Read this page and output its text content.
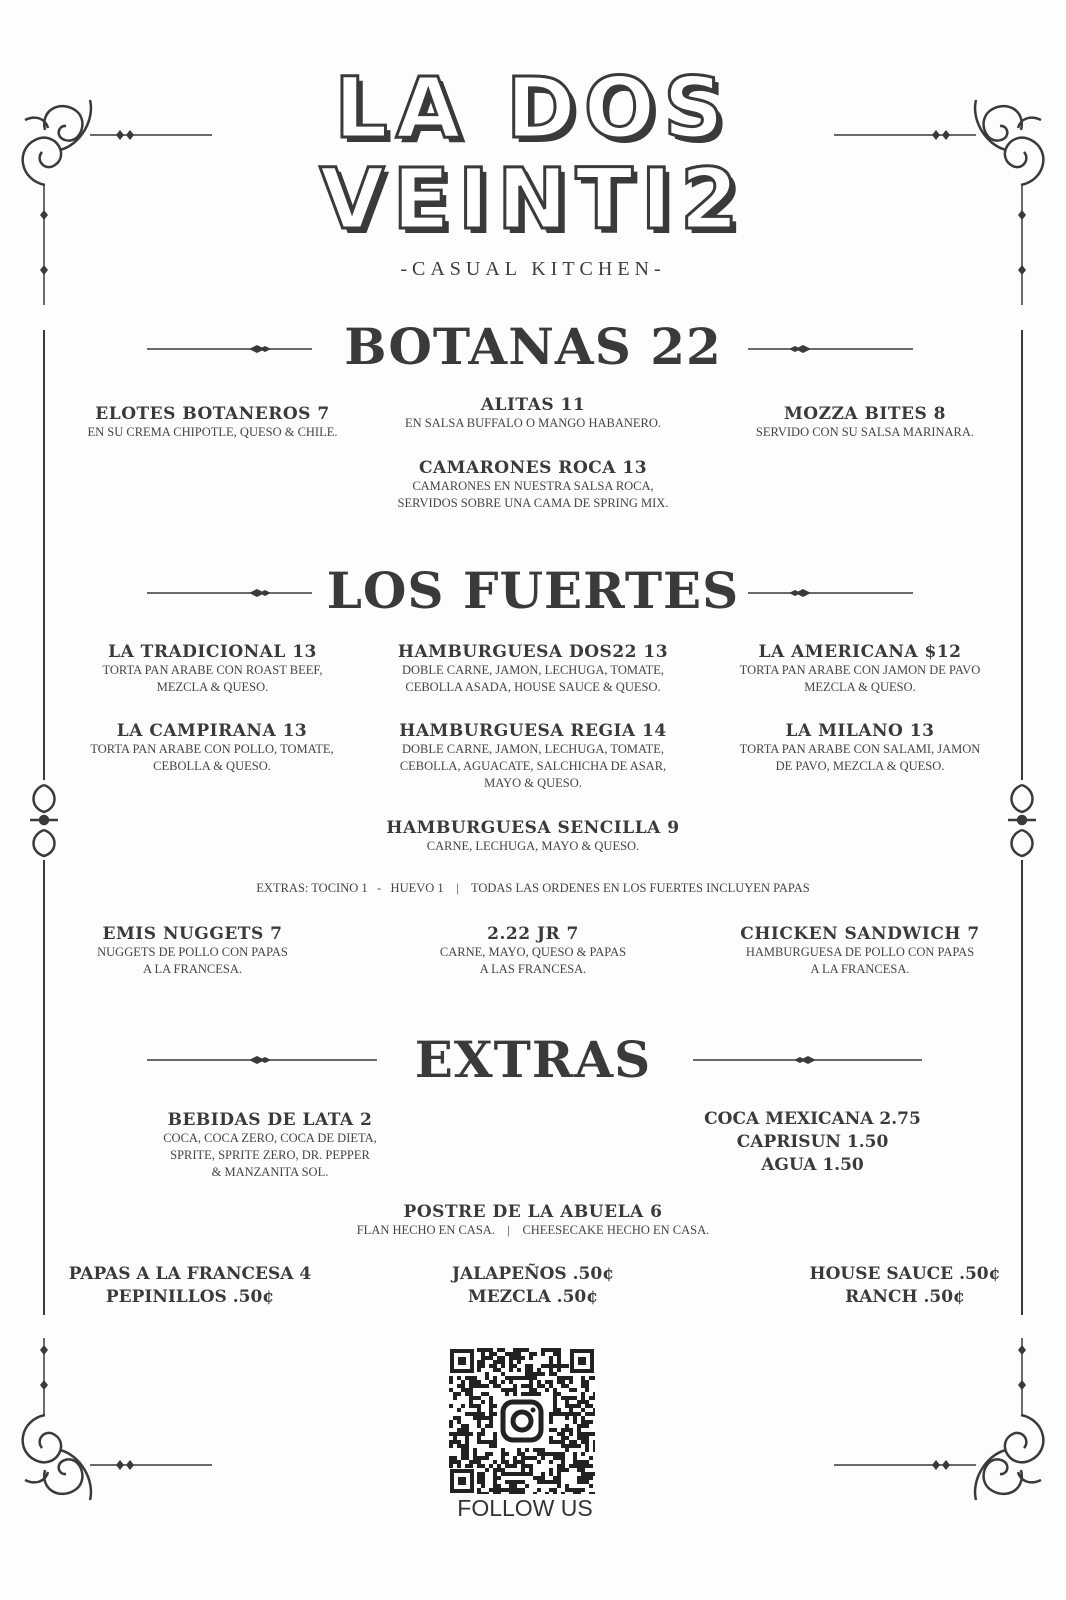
LA DOS
VEINTI2
-CASUAL KITCHEN-
BOTANAS 22
ELOTES BOTANEROS 7
EN SU CREMA CHIPOTLE, QUESO & CHILE.
ALITAS 11
EN SALSA BUFFALO O MANGO HABANERO.	MOZZA BITES 8
SERVIDO CON SU SALSA MARINARA.
CAMARONES ROCA 13
CAMARONES EN NUESTRA SALSA ROCA,
SERVIDOS SOBRE UNA CAMA DE SPRING MIX.
LOS FUERTES
LA TRADICIONAL 13
TORTA PAN ARABE CON ROAST BEEF,
MEZCLA & QUESO.
HAMBURGUESA DOS22 13
DOBLE CARNE, JAMON, LECHUGA, TOMATE,
CEBOLLA ASADA, HOUSE SAUCE & QUESO.
LA AMERICANA $12
TORTA PAN ARABE CON JAMON DE PAVO
MEZCLA & QUESO.
LA CAMPIRANA 13
TORTA PAN ARABE CON POLLO, TOMATE,
CEBOLLA & QUESO.
HAMBURGUESA REGIA 14
DOBLE CARNE, JAMON, LECHUGA, TOMATE,
CEBOLLA, AGUACATE, SALCHICHA DE ASAR,
MAYO & QUESO.
LA MILANO 13
TORTA PAN ARABE CON SALAMI, JAMON
DE PAVO, MEZCLA & QUESO.
HAMBURGUESA SENCILLA 9
CARNE, LECHUGA, MAYO & QUESO.
EXTRAS: TOCINO 1   -   HUEVO 1    |    TODAS LAS ORDENES EN LOS FUERTES INCLUYEN PAPAS
EMIS NUGGETS 7
NUGGETS DE POLLO CON PAPAS
A LA FRANCESA.
2.22 JR 7
CARNE, MAYO, QUESO & PAPAS
A LAS FRANCESA.
CHICKEN SANDWICH 7
HAMBURGUESA DE POLLO CON PAPAS
A LA FRANCESA.
EXTRAS
BEBIDAS DE LATA 2
COCA, COCA ZERO, COCA DE DIETA,
SPRITE, SPRITE ZERO, DR. PEPPER
& MANZANITA SOL.
COCA MEXICANA 2.75
CAPRISUN 1.50
AGUA 1.50
POSTRE DE LA ABUELA 6
FLAN HECHO EN CASA.    |    CHEESECAKE HECHO EN CASA.
PAPAS A LA FRANCESA 4
PEPINILLOS .50¢
JALAPEÑOS .50¢
MEZCLA .50¢
HOUSE SAUCE .50¢
RANCH .50¢
FOLLOW US
